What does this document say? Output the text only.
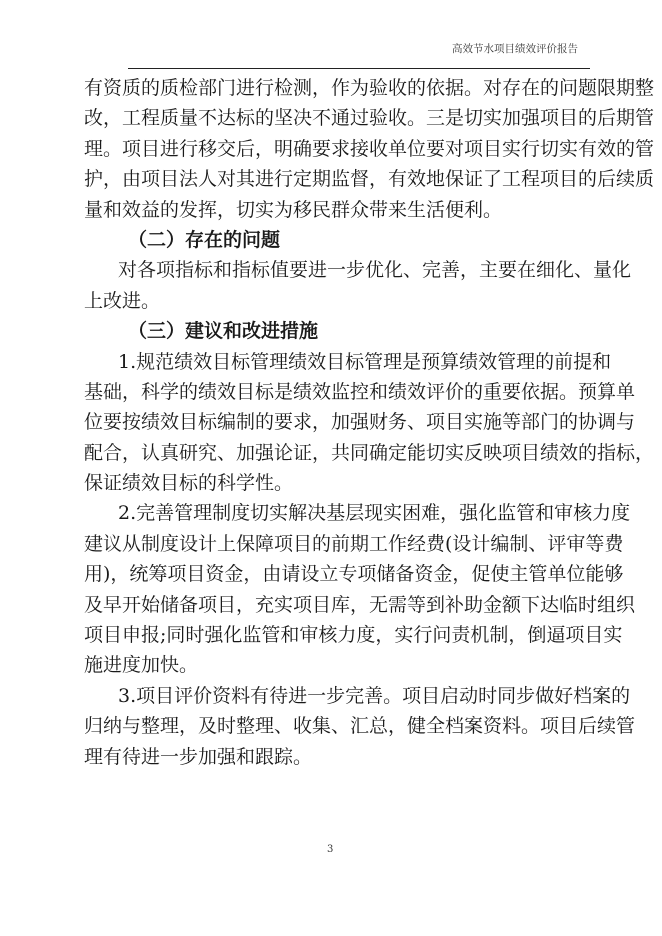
高效节水项目绩效评价报告
有资质的质检部门进行检测，作为验收的依据。对存在的问题限期整
改，工程质量不达标的坚决不通过验收。三是切实加强项目的后期管
理。项目进行移交后，明确要求接收单位要对项目实行切实有效的管
护，由项目法人对其进行定期监督，有效地保证了工程项目的后续质
量和效益的发挥，切实为移民群众带来生活便利。
（二）存在的问题
对各项指标和指标值要进一步优化、完善，主要在细化、量化
上改进。
（三）建议和改进措施
1.规范绩效目标管理绩效目标管理是预算绩效管理的前提和
基础，科学的绩效目标是绩效监控和绩效评价的重要依据。预算单
位要按绩效目标编制的要求，加强财务、项目实施等部门的协调与
配合，认真研究、加强论证，共同确定能切实反映项目绩效的指标，
保证绩效目标的科学性。
2.完善管理制度切实解决基层现实困难，强化监管和审核力度
建议从制度设计上保障项目的前期工作经费(设计编制、评审等费
用)，统筹项目资金，由请设立专项储备资金，促使主管单位能够
及早开始储备项目，充实项目库，无需等到补助金额下达临时组织
项目申报;同时强化监管和审核力度，实行问责机制，倒逼项目实
施进度加快。
3.项目评价资料有待进一步完善。项目启动时同步做好档案的
归纳与整理，及时整理、收集、汇总，健全档案资料。项目后续管
理有待进一步加强和跟踪。
3
